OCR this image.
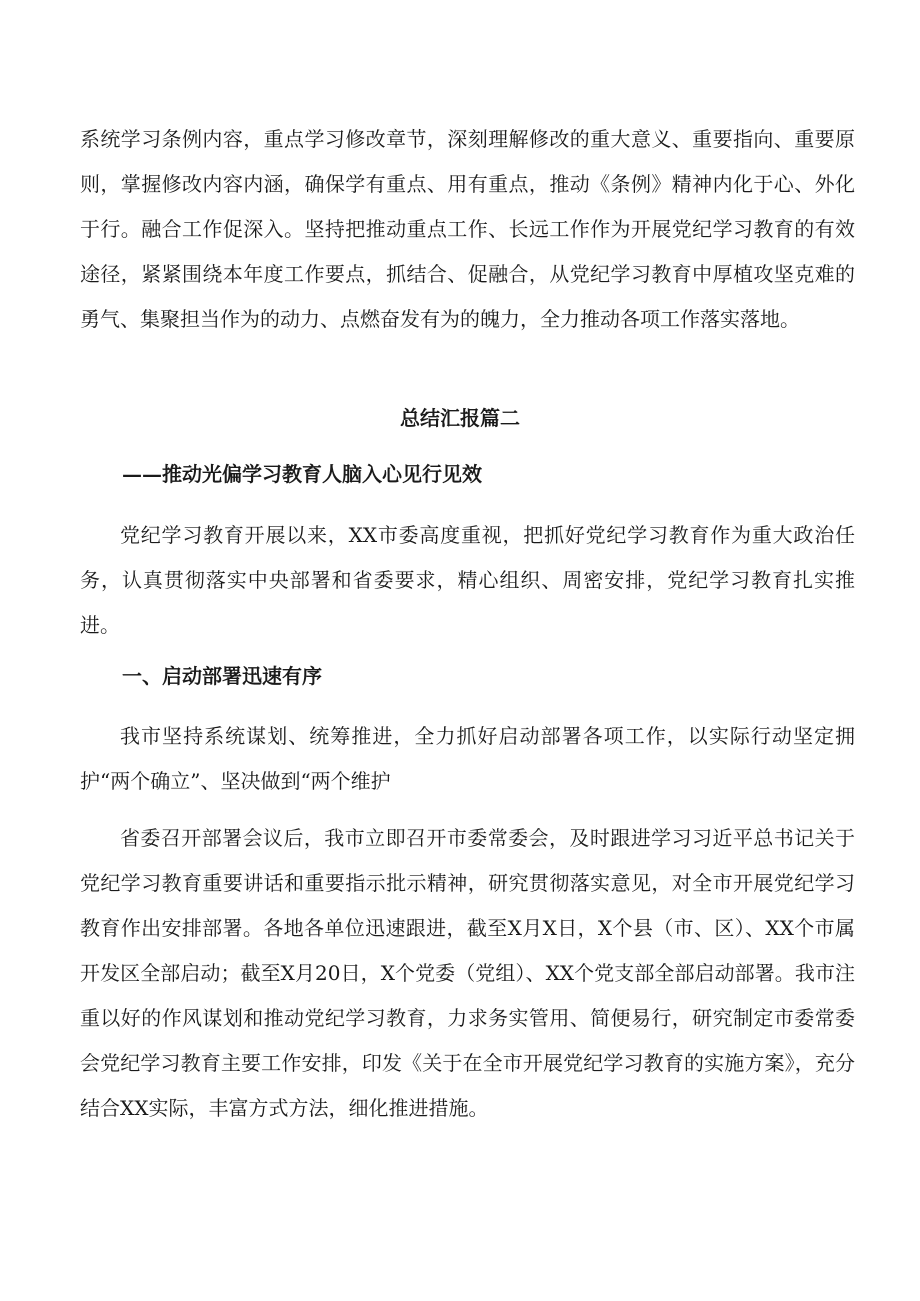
系统学习条例内容，重点学习修改章节，深刻理解修改的重大意义、重要指向、重要原则，掌握修改内容内涵，确保学有重点、用有重点，推动《条例》精神内化于心、外化于行。融合工作促深入。坚持把推动重点工作、长远工作作为开展党纪学习教育的有效途径，紧紧围绕本年度工作要点，抓结合、促融合，从党纪学习教育中厚植攻坚克难的勇气、集聚担当作为的动力、点燃奋发有为的魄力，全力推动各项工作落实落地。

总结汇报篇二

——推动光偏学习教育人脑入心见行见效

党纪学习教育开展以来，XX市委高度重视，把抓好党纪学习教育作为重大政治任务，认真贯彻落实中央部署和省委要求，精心组织、周密安排，党纪学习教育扎实推进。

一、启动部署迅速有序

我市坚持系统谋划、统筹推进，全力抓好启动部署各项工作，以实际行动坚定拥护“两个确立”、坚决做到“两个维护

省委召开部署会议后，我市立即召开市委常委会，及时跟进学习习近平总书记关于党纪学习教育重要讲话和重要指示批示精神，研究贯彻落实意见，对全市开展党纪学习教育作出安排部署。各地各单位迅速跟进，截至X月X日，X个县（市、区）、XX个市属开发区全部启动；截至X月20日，X个党委（党组）、XX个党支部全部启动部署。我市注重以好的作风谋划和推动党纪学习教育，力求务实管用、简便易行，研究制定市委常委会党纪学习教育主要工作安排，印发《关于在全市开展党纪学习教育的实施方案》，充分结合XX实际，丰富方式方法，细化推进措施。
